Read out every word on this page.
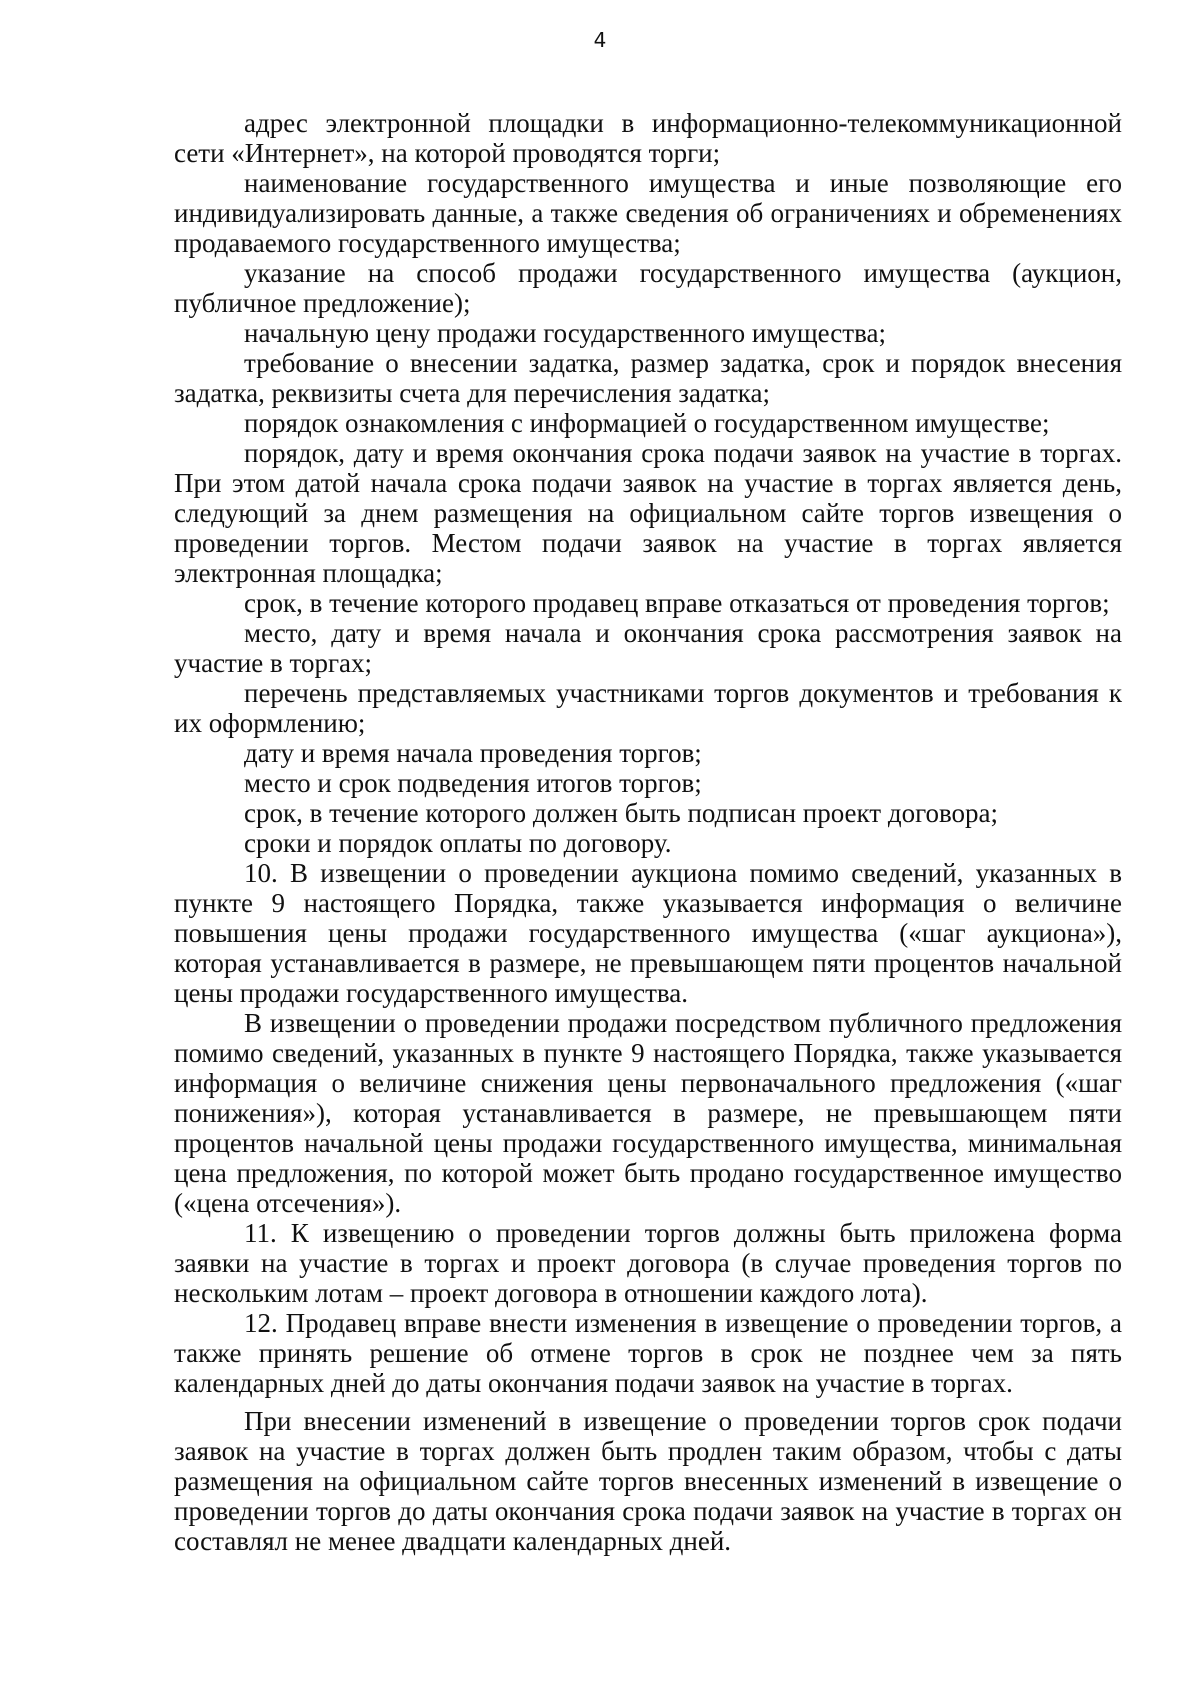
4

адрес электронной площадки в информационно-телекоммуникационной сети «Интернет», на которой проводятся торги;

наименование государственного имущества и иные позволяющие его индивидуализировать данные, а также сведения об ограничениях и обременениях продаваемого государственного имущества;

указание на способ продажи государственного имущества (аукцион, публичное предложение);

начальную цену продажи государственного имущества;

требование о внесении задатка, размер задатка, срок и порядок внесения задатка, реквизиты счета для перечисления задатка;

порядок ознакомления с информацией о государственном имуществе;

порядок, дату и время окончания срока подачи заявок на участие в торгах. При этом датой начала срока подачи заявок на участие в торгах является день, следующий за днем размещения на официальном сайте торгов извещения о проведении торгов. Местом подачи заявок на участие в торгах является электронная площадка;

срок, в течение которого продавец вправе отказаться от проведения торгов;

место, дату и время начала и окончания срока рассмотрения заявок на участие в торгах;

перечень представляемых участниками торгов документов и требования к их оформлению;

дату и время начала проведения торгов;

место и срок подведения итогов торгов;

срок, в течение которого должен быть подписан проект договора;

сроки и порядок оплаты по договору.

10. В извещении о проведении аукциона помимо сведений, указанных в пункте 9 настоящего Порядка, также указывается информация о величине повышения цены продажи государственного имущества («шаг аукциона»), которая устанавливается в размере, не превышающем пяти процентов начальной цены продажи государственного имущества.

В извещении о проведении продажи посредством публичного предложения помимо сведений, указанных в пункте 9 настоящего Порядка, также указывается информация о величине снижения цены первоначального предложения («шаг понижения»), которая устанавливается в размере, не превышающем пяти процентов начальной цены продажи государственного имущества, минимальная цена предложения, по которой может быть продано государственное имущество («цена отсечения»).

11. К извещению о проведении торгов должны быть приложена форма заявки на участие в торгах и проект договора (в случае проведения торгов по нескольким лотам – проект договора в отношении каждого лота).

12. Продавец вправе внести изменения в извещение о проведении торгов, а также принять решение об отмене торгов в срок не позднее чем за пять календарных дней до даты окончания подачи заявок на участие в торгах.

При внесении изменений в извещение о проведении торгов срок подачи заявок на участие в торгах должен быть продлен таким образом, чтобы с даты размещения на официальном сайте торгов внесенных изменений в извещение о проведении торгов до даты окончания срока подачи заявок на участие в торгах он составлял не менее двадцати календарных дней.
